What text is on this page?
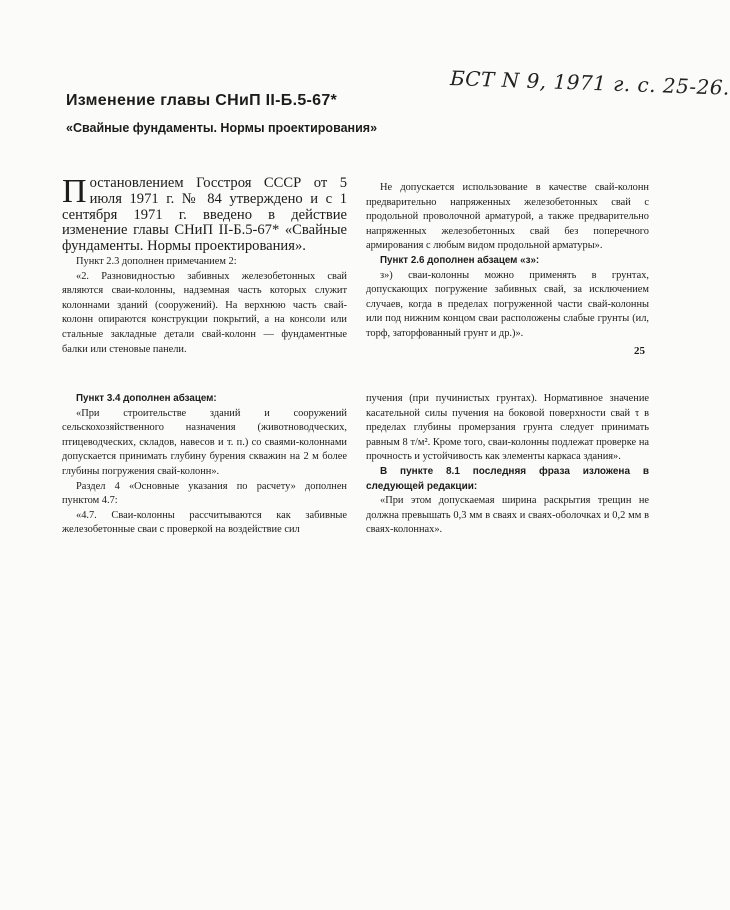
БСТ N 9, 1971 г. с. 25-26.
Изменение главы СНиП II-Б.5-67*
«Свайные фундаменты. Нормы проектирования»

Постановлением Госстроя СССР от 5 июля 1971 г. № 84 утверждено и с 1 сентября 1971 г. введено в действие изменение главы СНиП II-Б.5-67* «Свайные фундаменты. Нормы проектирования».

Пункт 2.3 дополнен примечанием 2:

«2. Разновидностью забивных железобетонных свай являются сваи-колонны, надземная часть которых служит колоннами зданий (сооружений). На верхнюю часть свай-колонн опираются конструкции покрытий, а на консоли или стальные закладные детали свай-колонн — фундаментные балки или стеновые панели.

Не допускается использование в качестве свай-колонн предварительно напряженных железобетонных свай с продольной проволочной арматурой, а также предварительно напряженных железобетонных свай без поперечного армирования с любым видом продольной арматуры».

Пункт 2.6 дополнен абзацем «з»:

з») сваи-колонны можно применять в грунтах, допускающих погружение забивных свай, за исключением случаев, когда в пределах погруженной части свай-колонны или под нижним концом сваи расположены слабые грунты (ил, торф, заторфованный грунт и др.)».

25

Пункт 3.4 дополнен абзацем:

«При строительстве зданий и сооружений сельскохозяйственного назначения (животноводческих, птицеводческих, складов, навесов и т. п.) со сваями-колоннами допускается принимать глубину бурения скважин на 2 м более глубины погружения свай-колонн».

Раздел 4 «Основные указания по расчету» дополнен пунктом 4.7:

«4.7. Сваи-колонны рассчитываются как забивные железобетонные сваи с проверкой на воздействие сил

пучения (при пучинистых грунтах). Нормативное значение касательной силы пучения на боковой поверхности свай τ в пределах глубины промерзания грунта следует принимать равным 8 т/м². Кроме того, сваи-колонны подлежат проверке на прочность и устойчивость как элементы каркаса здания».

В пункте 8.1 последняя фраза изложена в следующей редакции:

«При этом допускаемая ширина раскрытия трещин не должна превышать 0,3 мм в сваях и сваях-оболочках и 0,2 мм в сваях-колоннах».
